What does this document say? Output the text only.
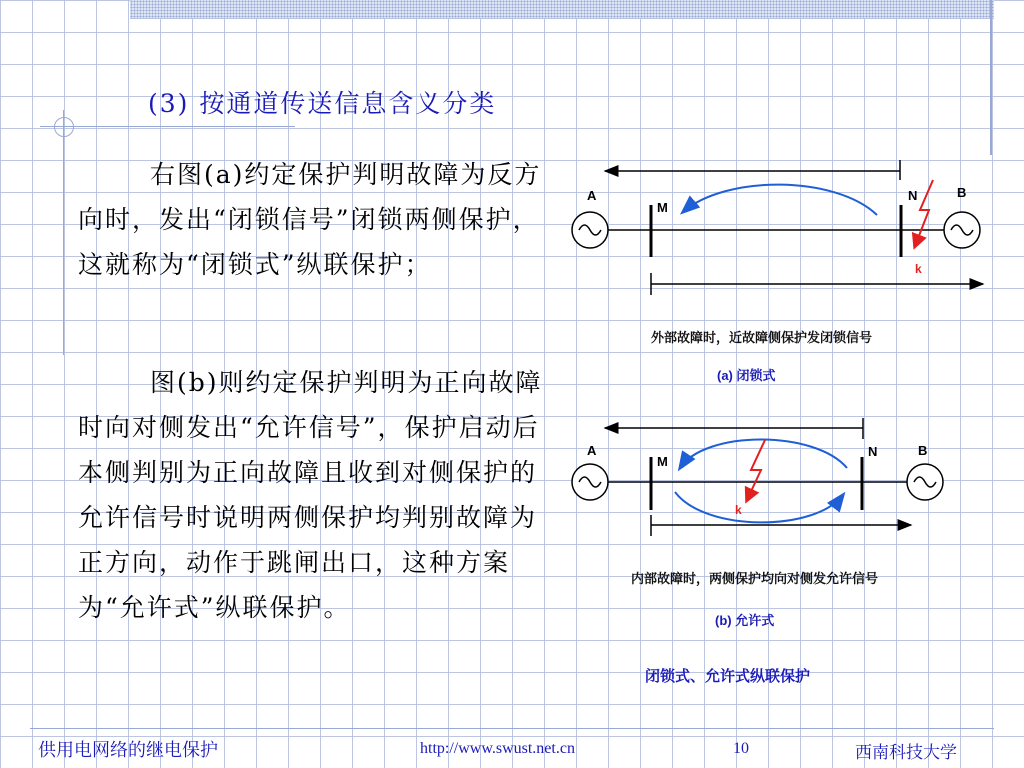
(3) 按通道传送信息含义分类
右图(a)约定保护判明故障为反方向时，发出“闭锁信号”闭锁两侧保护，这就称为“闭锁式”纵联保护；
图(b)则约定保护判明为正向故障时向对侧发出“允许信号”，保护启动后本侧判别为正向故障且收到对侧保护的允许信号时说明两侧保护均判别故障为正方向，动作于跳闸出口，这种方案为“允许式”纵联保护。
A	B
M
N
k
外部故障时，近故障侧保护发闭锁信号
(a) 闭锁式
A	B
M
N
k
内部故障时，两侧保护均向对侧发允许信号
(b) 允许式
闭锁式、允许式纵联保护
供用电网络的继电保护	http://www.swust.net.cn	10	西南科技大学
